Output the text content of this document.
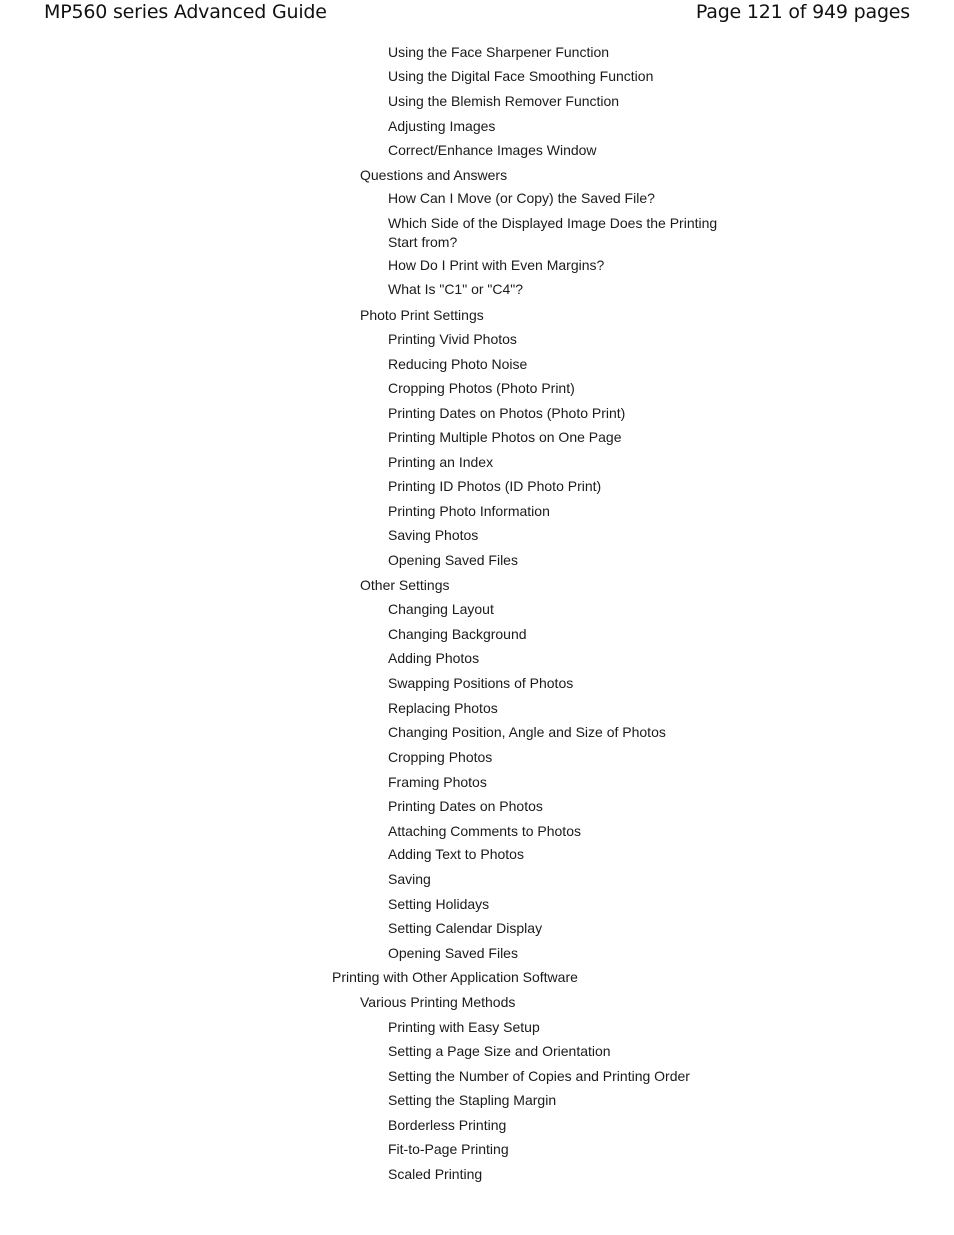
MP560 series Advanced Guide	Page 121 of 949 pages
Using the Face Sharpener Function
Using the Digital Face Smoothing Function
Using the Blemish Remover Function
Adjusting Images
Correct/Enhance Images Window
Questions and Answers
How Can I Move (or Copy) the Saved File?
Which Side of the Displayed Image Does the Printing Start from?
How Do I Print with Even Margins?
What Is "C1" or "C4"?
Photo Print Settings
Printing Vivid Photos
Reducing Photo Noise
Cropping Photos (Photo Print)
Printing Dates on Photos (Photo Print)
Printing Multiple Photos on One Page
Printing an Index
Printing ID Photos (ID Photo Print)
Printing Photo Information
Saving Photos
Opening Saved Files
Other Settings
Changing Layout
Changing Background
Adding Photos
Swapping Positions of Photos
Replacing Photos
Changing Position, Angle and Size of Photos
Cropping Photos
Framing Photos
Printing Dates on Photos
Attaching Comments to Photos
Adding Text to Photos
Saving
Setting Holidays
Setting Calendar Display
Opening Saved Files
Printing with Other Application Software
Various Printing Methods
Printing with Easy Setup
Setting a Page Size and Orientation
Setting the Number of Copies and Printing Order
Setting the Stapling Margin
Borderless Printing
Fit-to-Page Printing
Scaled Printing
